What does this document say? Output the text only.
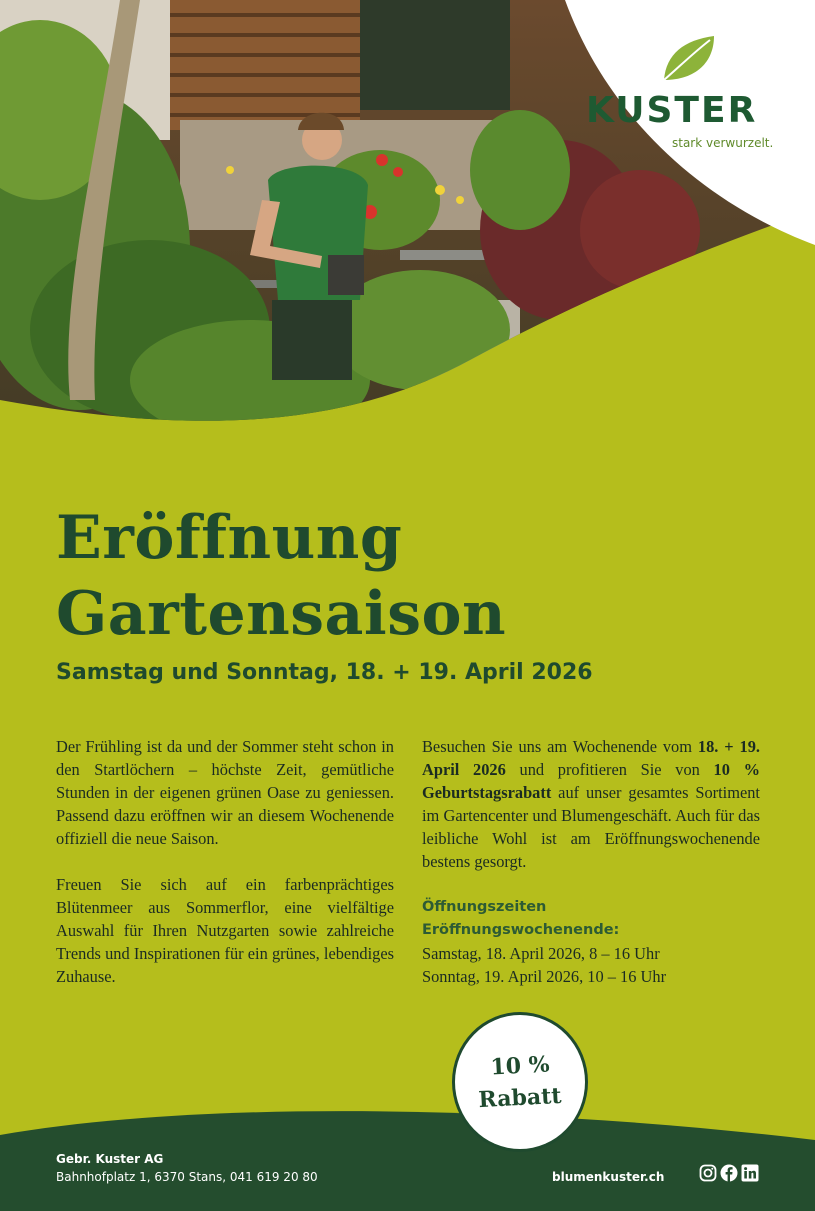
KUSTER
stark verwurzelt.
Eröffnung
Gartensaison
Samstag und Sonntag, 18. + 19. April 2026

Der Frühling ist da und der Sommer steht schon in den Startlöchern – höchste Zeit, gemütliche Stunden in der eigenen grünen Oase zu geniessen. Passend dazu eröffnen wir an diesem Wochenende offiziell die neue Saison.

Freuen Sie sich auf ein farbenprächtiges Blütenmeer aus Sommerflor, eine vielfältige Auswahl für Ihren Nutzgarten sowie zahlreiche Trends und Inspirationen für ein grünes, lebendiges Zuhause.

Besuchen Sie uns am Wochenende vom 18. + 19. April 2026 und profitieren Sie von 10 % Geburtstagsrabatt auf unser gesamtes Sortiment im Gartencenter und Blumengeschäft. Auch für das leibliche Wohl ist am Eröffnungswochenende bestens gesorgt.

Öffnungszeiten
Eröffnungswochenende:
Samstag, 18. April 2026, 8 – 16 Uhr
Sonntag, 19. April 2026, 10 – 16 Uhr
10 %
Rabatt
Gebr. Kuster AG
Bahnhofplatz 1, 6370 Stans, 041 619 20 80	blumenkuster.ch
